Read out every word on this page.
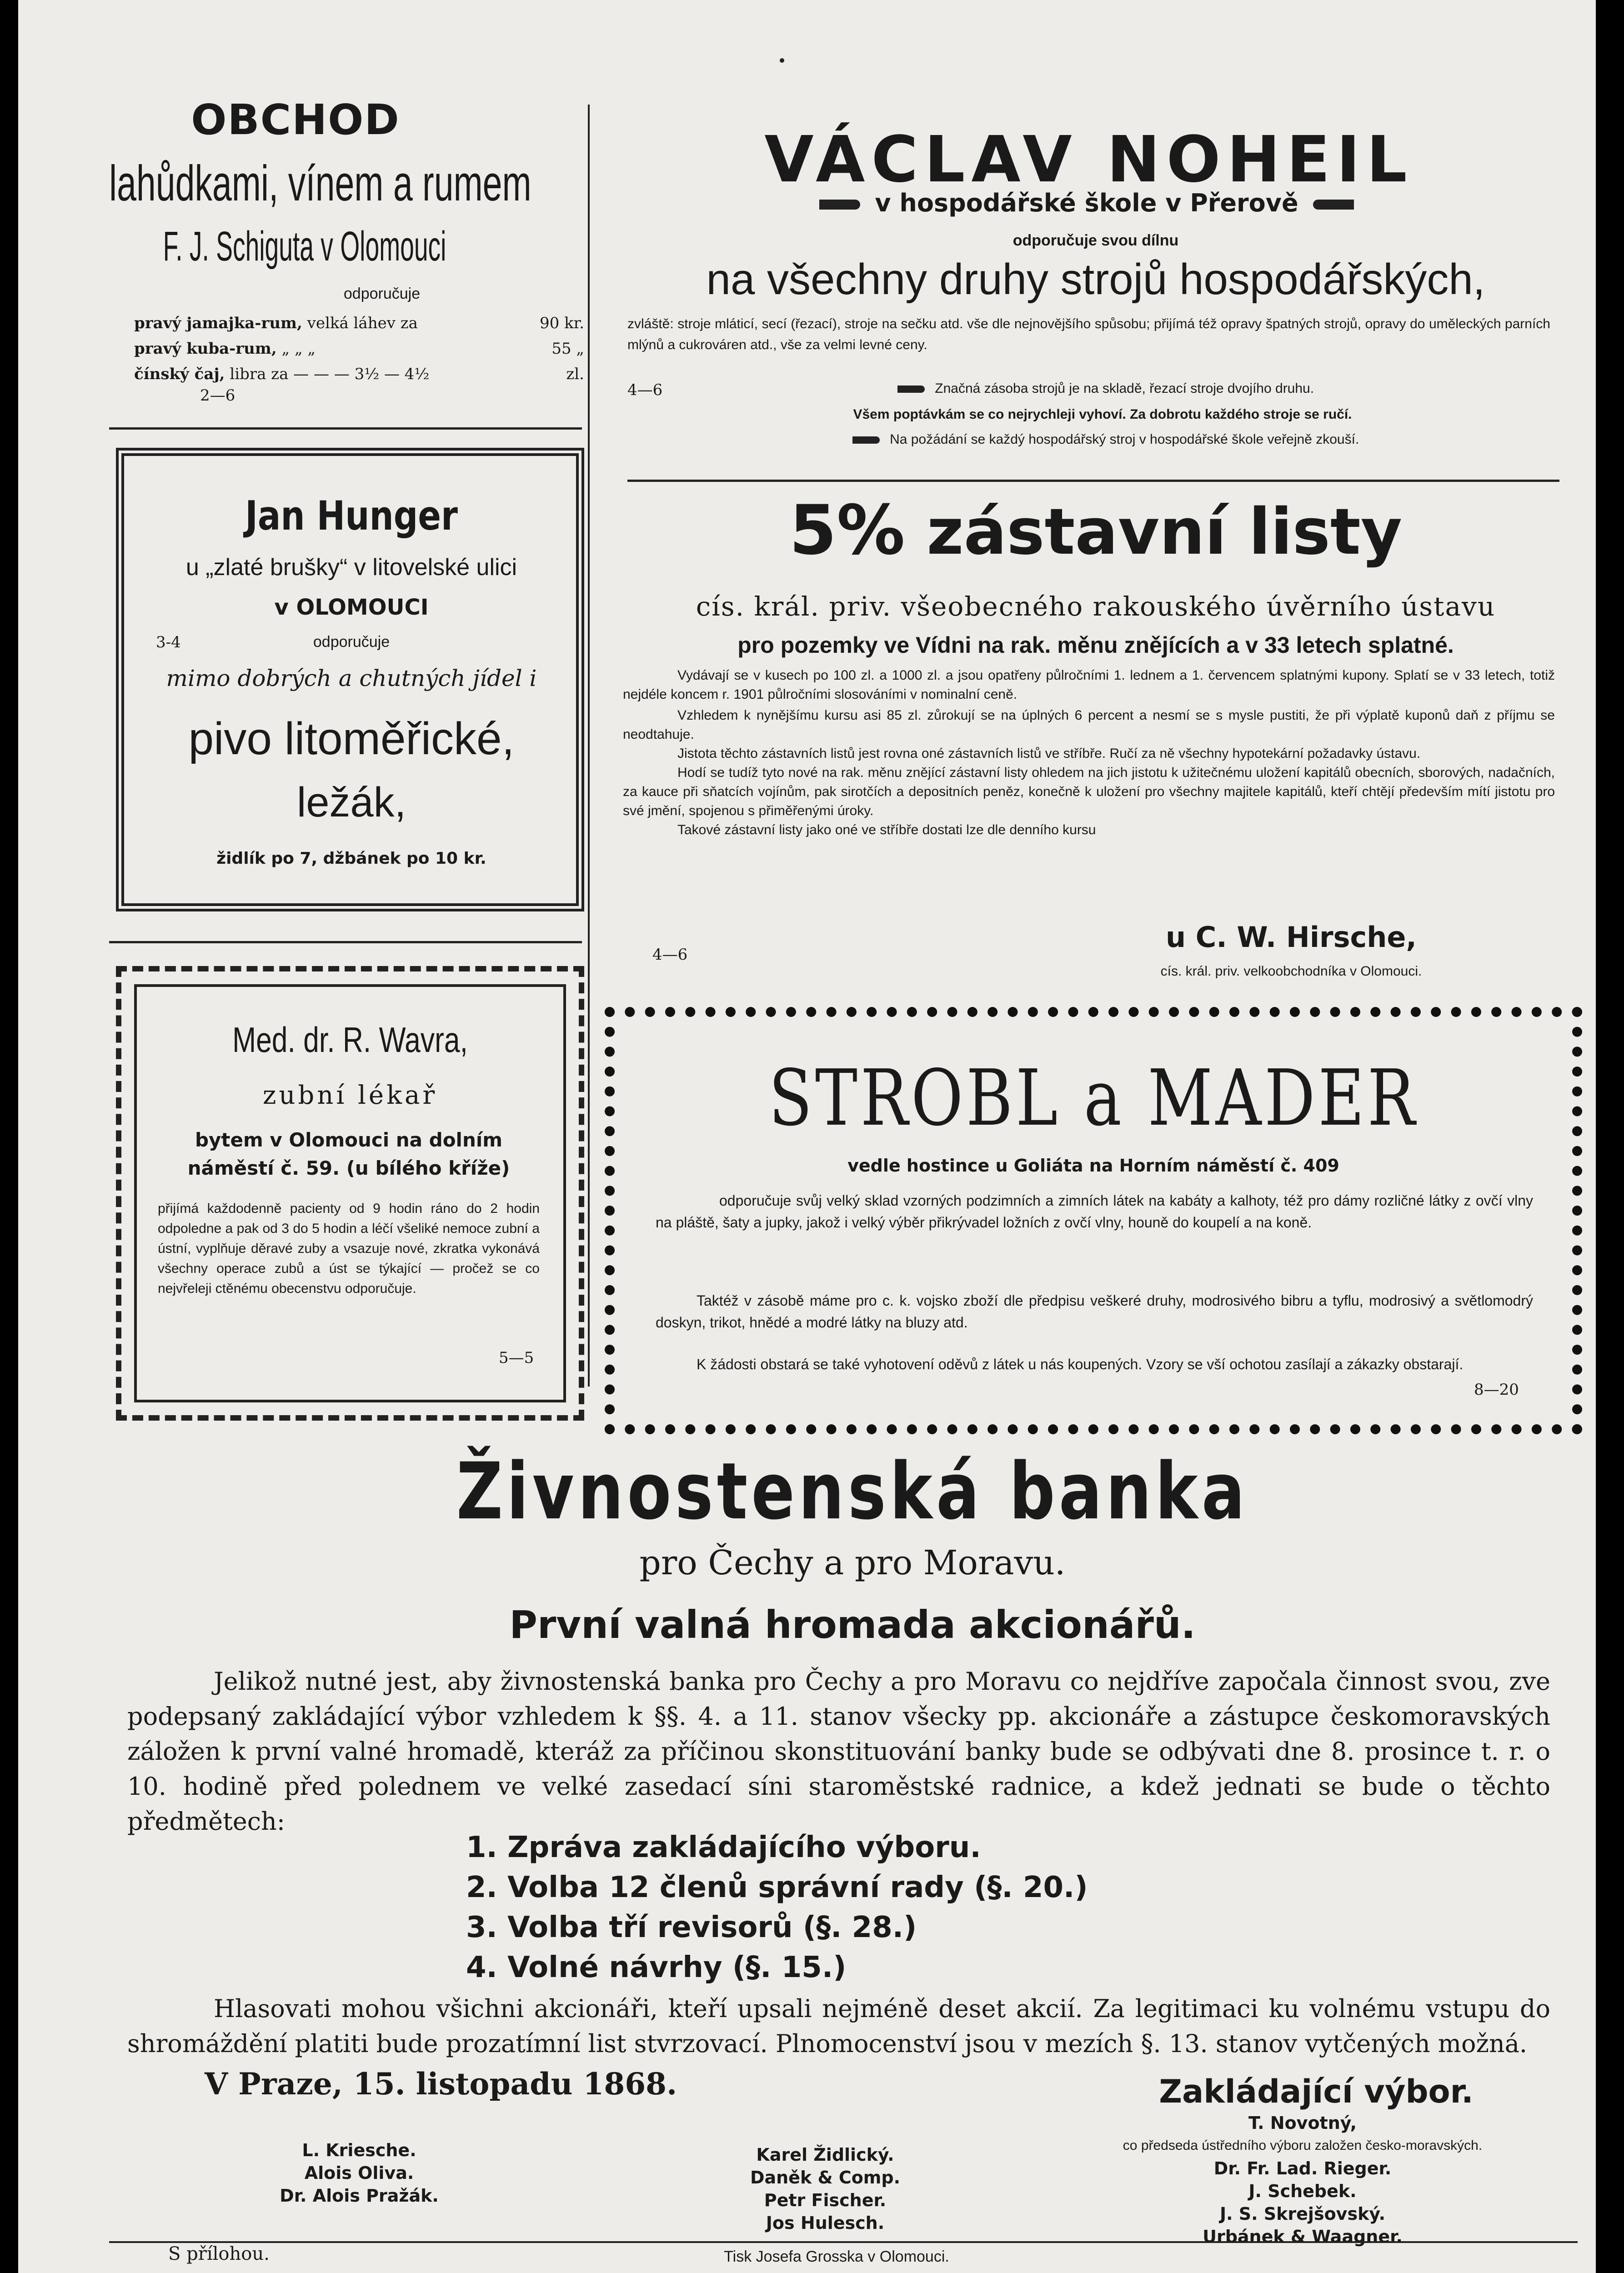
OBCHOD
lahůdkami, vínem a rumem
F. J. Schiguta v Olomouci
odporučuje
pravý jamajka-rum, velká láhev za	90 kr.
pravý kuba-rum, „ „ „	55 „
čínský čaj, libra za — — — 3½ — 4½	zl.
2—6
Jan Hunger
u „zlaté brušky“ v litovelské ulici
v OLOMOUCI
3-4	odporučuje
mimo dobrých a chutných jídel i
pivo litoměřické,
ležák,
židlík po 7, džbánek po 10 kr.
Med. dr. R. Wavra,
zubní lékař
bytem v Olomouci na dolním náměstí č. 59. (u bílého kříže)
přijímá každodenně pacienty od 9 hodin ráno do 2 hodin odpoledne a pak od 3 do 5 hodin a léčí všeliké nemoce zubní a ústní, vyplňuje děravé zuby a vsazuje nové, zkratka vykonává všechny operace zubů a úst se týkající — pročež se co nejvřeleji ctěnému obecenstvu odporučuje.
5—5
VÁCLAV NOHEIL
v hospodářské škole v Přerově
odporučuje svou dílnu
na všechny druhy strojů hospodářských,
zvláště: stroje mláticí, secí (řezací), stroje na sečku atd. vše dle nejnovějšího spůsobu; přijímá též opravy špatných strojů, opravy do uměleckých parních mlýnů a cukrováren atd., vše za velmi levné ceny.
4—6	Značná zásoba strojů je na skladě, řezací stroje dvojího druhu.
Všem poptávkám se co nejrychleji vyhoví. Za dobrotu každého stroje se ručí.
Na požádání se každý hospodářský stroj v hospodářské škole veřejně zkouší.
5% zástavní listy
cís. král. priv. všeobecného rakouského úvěrního ústavu
pro pozemky ve Vídni na rak. měnu znějících a v 33 letech splatné.
Vydávají se v kusech po 100 zl. a 1000 zl. a jsou opatřeny půlročními 1. lednem a 1. červencem splatnými kupony. Splatí se v 33 letech, totiž nejdéle koncem r. 1901 půlročními slosováními v nominalní ceně.
Vzhledem k nynějšímu kursu asi 85 zl. zůrokují se na úplných 6 percent a nesmí se s mysle pustiti, že při výplatě kuponů daň z příjmu se neodtahuje.
Jistota těchto zástavních listů jest rovna oné zástavních listů ve stříbře. Ručí za ně všechny hypotekární požadavky ústavu.
Hodí se tudíž tyto nové na rak. měnu znějící zástavní listy ohledem na jich jistotu k užitečnému uložení kapitálů obecních, sborových, nadačních, za kauce při sňatcích vojínům, pak sirotčích a depositních peněz, konečně k uložení pro všechny majitele kapitálů, kteří chtějí především mítí jistotu pro své jmění, spojenou s přiměřenými úroky.
Takové zástavní listy jako oné ve stříbře dostati lze dle denního kursu
u C. W. Hirsche,
4—6
cís. král. priv. velkoobchodníka v Olomouci.
STROBL a MADER
vedle hostince u Goliáta na Horním náměstí č. 409
odporučuje svůj velký sklad vzorných podzimních a zimních látek na kabáty a kalhoty, též pro dámy rozličné látky z ovčí vlny na pláště, šaty a jupky, jakož i velký výběr přikrývadel ložních z ovčí vlny, houně do koupelí a na koně.
Taktéž v zásobě máme pro c. k. vojsko zboží dle předpisu veškeré druhy, modrosivého bibru a tyflu, modrosivý a světlomodrý doskyn, trikot, hnědé a modré látky na bluzy atd.
K žádosti obstará se také vyhotovení oděvů z látek u nás koupených. Vzory se vší ochotou zasílají a zákazky obstarají.
8—20
Živnostenská banka
pro Čechy a pro Moravu.
První valná hromada akcionářů.
Jelikož nutné jest, aby živnostenská banka pro Čechy a pro Moravu co nejdříve započala činnost svou, zve podepsaný zakládající výbor vzhledem k §§. 4. a 11. stanov všecky pp. akcionáře a zástupce českomoravských záložen k první valné hromadě, kteráž za příčinou skonstituování banky bude se odbývati dne 8. prosince t. r. o 10. hodině před polednem ve velké zasedací síni staroměstské radnice, a kdež jednati se bude o těchto předmětech:
1. Zpráva zakládajícího výboru.
2. Volba 12 členů správní rady (§. 20.)
3. Volba tří revisorů (§. 28.)
4. Volné návrhy (§. 15.)
Hlasovati mohou všichni akcionáři, kteří upsali nejméně deset akcií. Za legitimaci ku volnému vstupu do shromáždění platiti bude prozatímní list stvrzovací. Plnomocenství jsou v mezích §. 13. stanov vytčených možná.
V Praze, 15. listopadu 1868.	Zakládající výbor.
L. Kriesche.
Alois Oliva.
Dr. Alois Pražák.
Karel Židlický.
Daněk & Comp.
Petr Fischer.
Jos Hulesch.
T. Novotný,
co předseda ústředního výboru založen česko-moravských.
Dr. Fr. Lad. Rieger.
J. Schebek.
J. S. Skrejšovský.
Urbánek & Waagner.
S přílohou.	Tisk Josefa Grosska v Olomouci.
